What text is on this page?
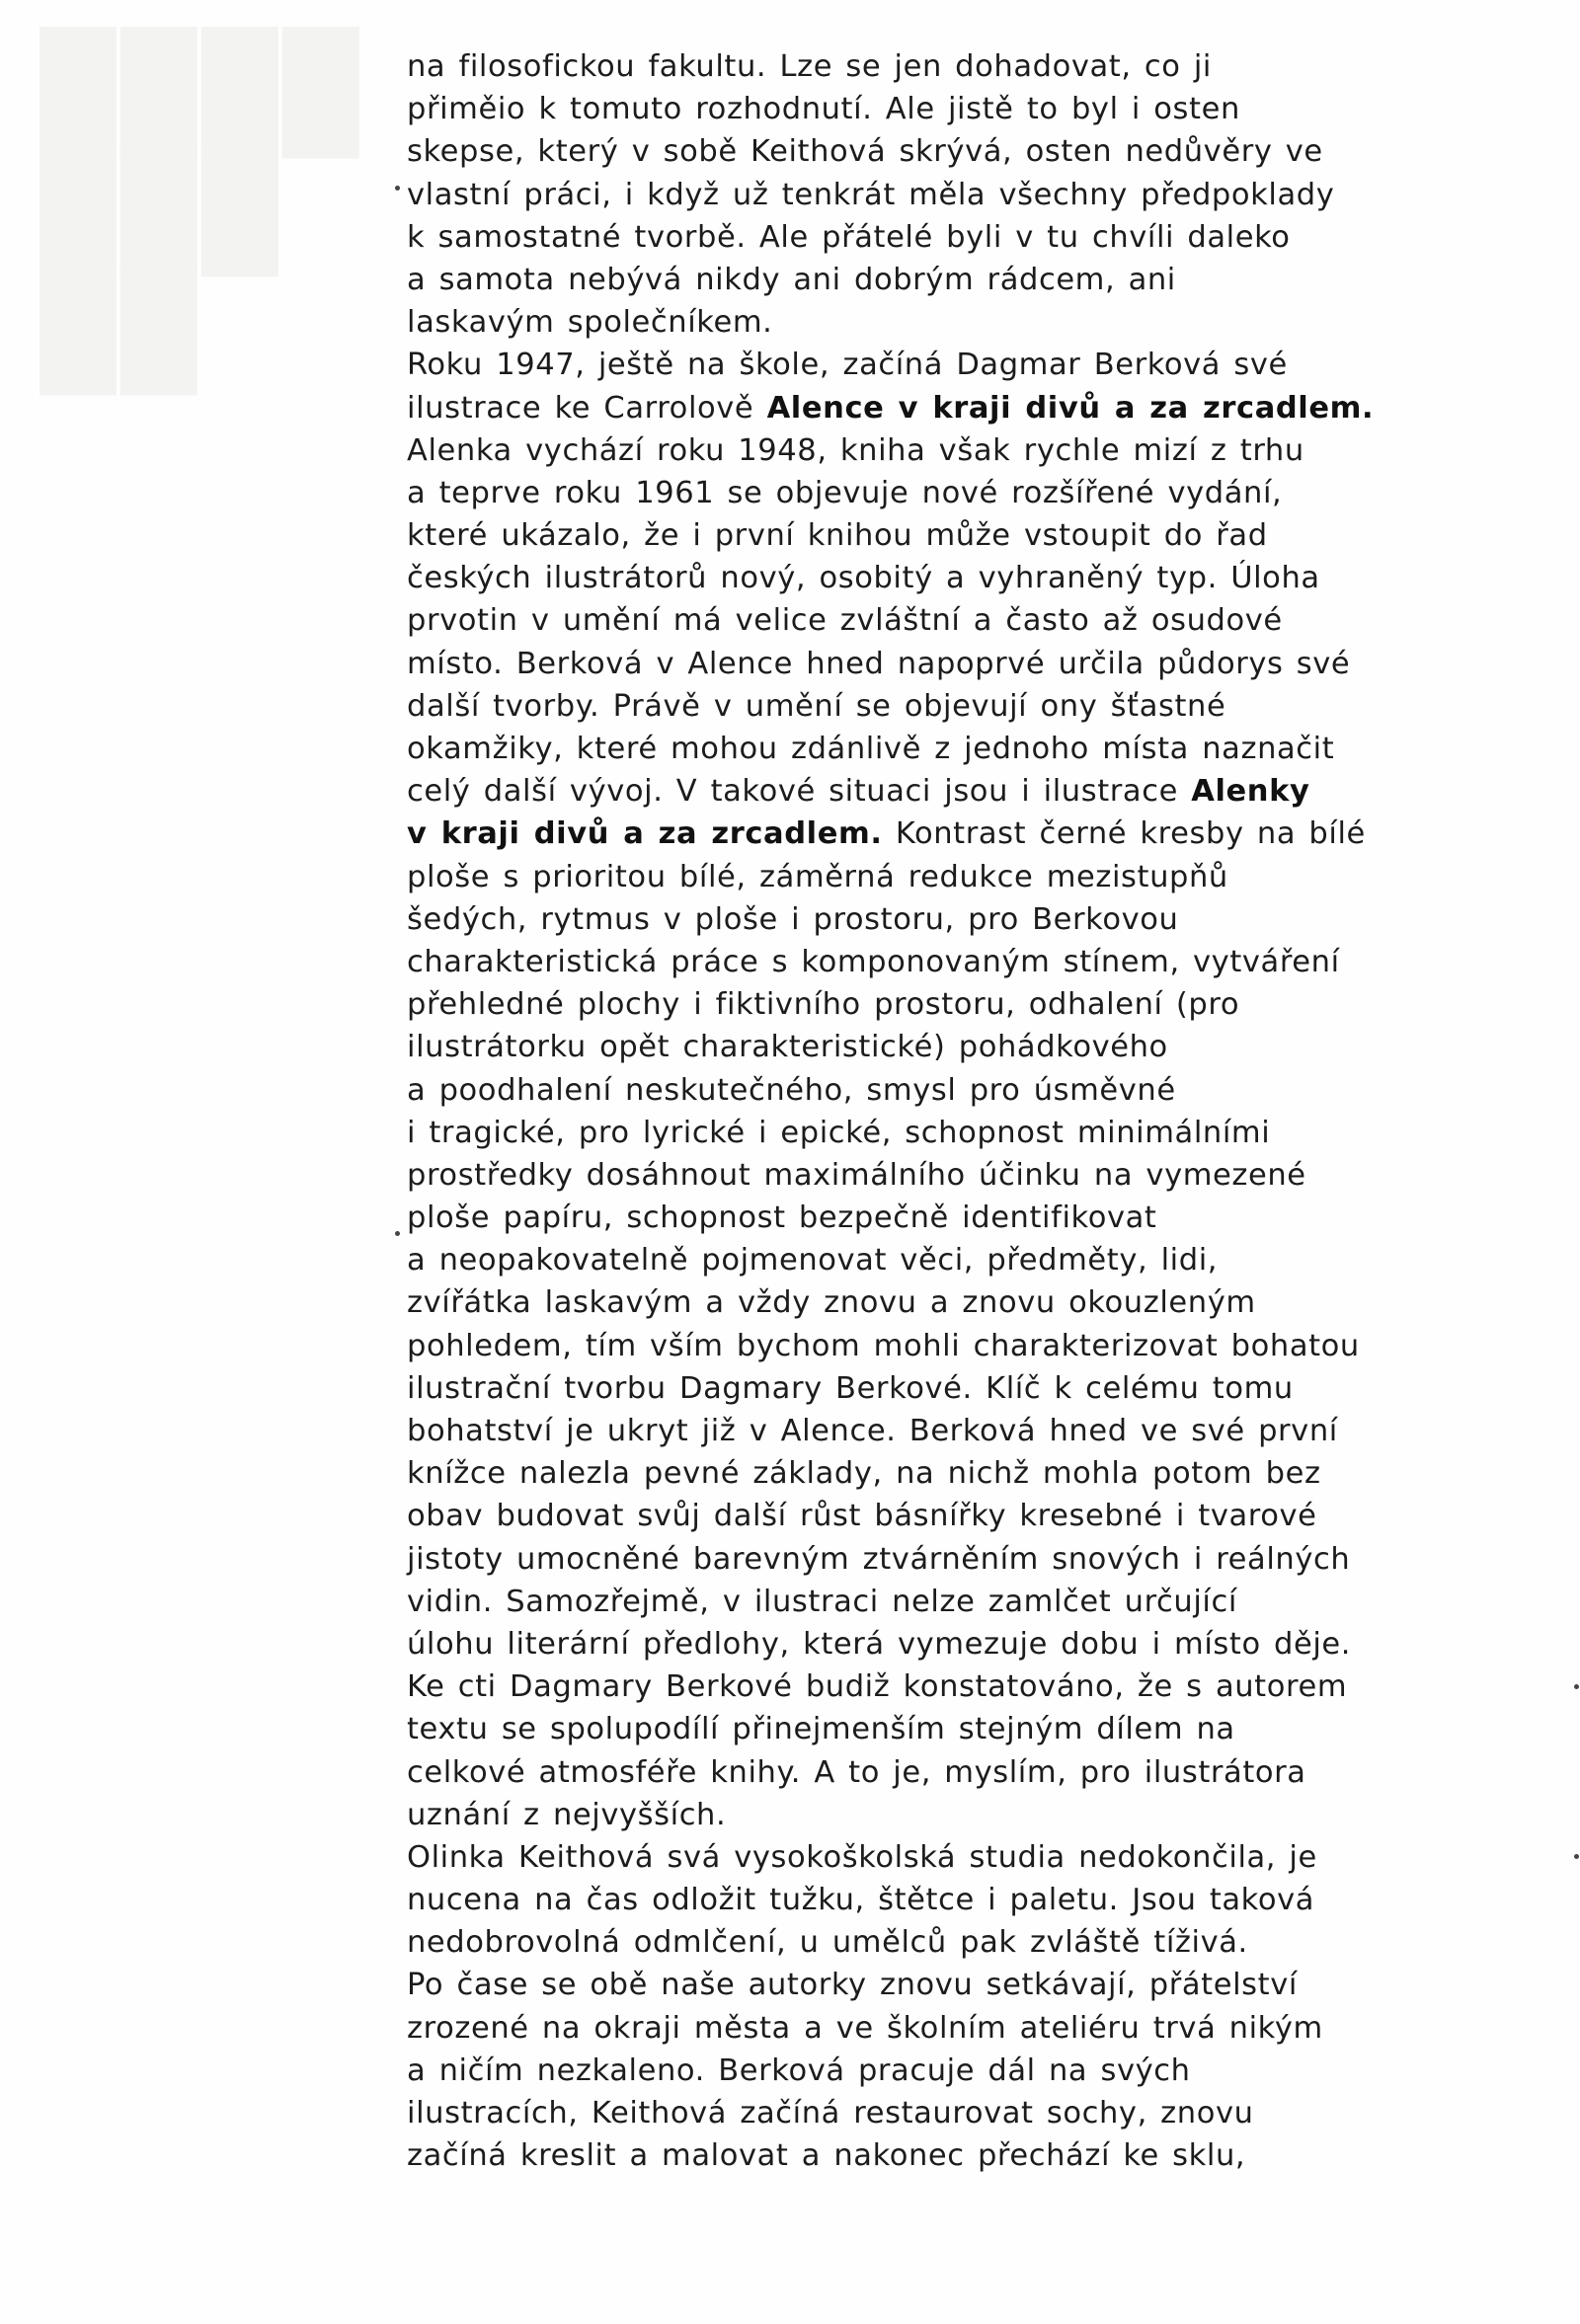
████
███
██
na filosofickou fakultu. Lze se jen dohadovat, co ji
přiměio k tomuto rozhodnutí. Ale jistě to byl i osten
skepse, který v sobě Keithová skrývá, osten nedůvěry ve
vlastní práci, i když už tenkrát měla všechny předpoklady
k samostatné tvorbě. Ale přátelé byli v tu chvíli daleko
a samota nebývá nikdy ani dobrým rádcem, ani
laskavým společníkem.
Roku 1947, ještě na škole, začíná Dagmar Berková své
ilustrace ke Carrolově Alence v kraji divů a za zrcadlem.
Alenka vychází roku 1948, kniha však rychle mizí z trhu
a teprve roku 1961 se objevuje nové rozšířené vydání,
které ukázalo, že i první knihou může vstoupit do řad
českých ilustrátorů nový, osobitý a vyhraněný typ. Úloha
prvotin v umění má velice zvláštní a často až osudové
místo. Berková v Alence hned napoprvé určila půdorys své
další tvorby. Právě v umění se objevují ony šťastné
okamžiky, které mohou zdánlivě z jednoho místa naznačit
celý další vývoj. V takové situaci jsou i ilustrace Alenky
v kraji divů a za zrcadlem. Kontrast černé kresby na bílé
ploše s prioritou bílé, záměrná redukce mezistupňů
šedých, rytmus v ploše i prostoru, pro Berkovou
charakteristická práce s komponovaným stínem, vytváření
přehledné plochy i fiktivního prostoru, odhalení (pro
ilustrátorku opět charakteristické) pohádkového
a poodhalení neskutečného, smysl pro úsměvné
i tragické, pro lyrické i epické, schopnost minimálními
prostředky dosáhnout maximálního účinku na vymezené
ploše papíru, schopnost bezpečně identifikovat
a neopakovatelně pojmenovat věci, předměty, lidi,
zvířátka laskavým a vždy znovu a znovu okouzleným
pohledem, tím vším bychom mohli charakterizovat bohatou
ilustrační tvorbu Dagmary Berkové. Klíč k celému tomu
bohatství je ukryt již v Alence. Berková hned ve své první
knížce nalezla pevné základy, na nichž mohla potom bez
obav budovat svůj další růst básnířky kresebné i tvarové
jistoty umocněné barevným ztvárněním snových i reálných
vidin. Samozřejmě, v ilustraci nelze zamlčet určující
úlohu literární předlohy, která vymezuje dobu i místo děje.
Ke cti Dagmary Berkové budiž konstatováno, že s autorem
textu se spolupodílí přinejmenším stejným dílem na
celkové atmosféře knihy. A to je, myslím, pro ilustrátora
uznání z nejvyšších.
Olinka Keithová svá vysokoškolská studia nedokončila, je
nucena na čas odložit tužku, štětce i paletu. Jsou taková
nedobrovolná odmlčení, u umělců pak zvláště tíživá.
Po čase se obě naše autorky znovu setkávají, přátelství
zrozené na okraji města a ve školním ateliéru trvá nikým
a ničím nezkaleno. Berková pracuje dál na svých
ilustracích, Keithová začíná restaurovat sochy, znovu
začíná kreslit a malovat a nakonec přechází ke sklu,
